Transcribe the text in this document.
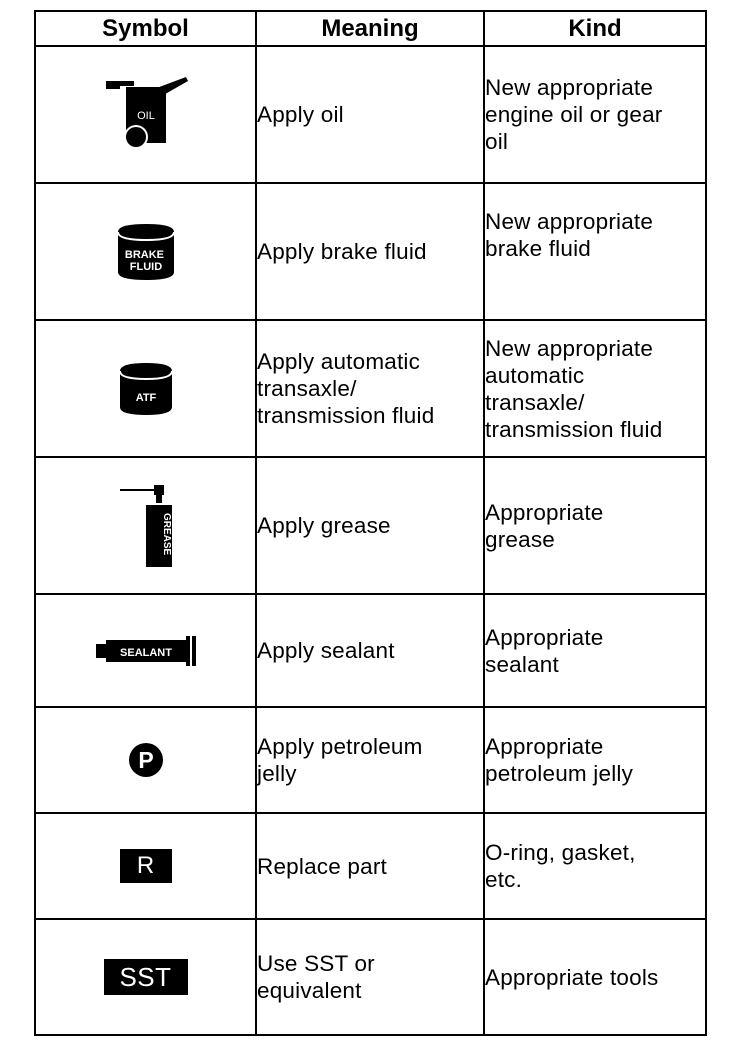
Symbol	Meaning	Kind

OIL	Apply oil	New appropriate
engine oil or gear
oil

BRAKE FLUID	Apply brake fluid	New appropriate
brake fluid

ATF	Apply automatic
transaxle/
transmission fluid	New appropriate
automatic
transaxle/
transmission fluid

GREASE	Apply grease	Appropriate
grease

SEALANT	Apply sealant	Appropriate
sealant

P	Apply petroleum
jelly	Appropriate
petroleum jelly
R	Replace part	O-ring, gasket,
etc.
SST	Use SST or
equivalent	Appropriate tools
